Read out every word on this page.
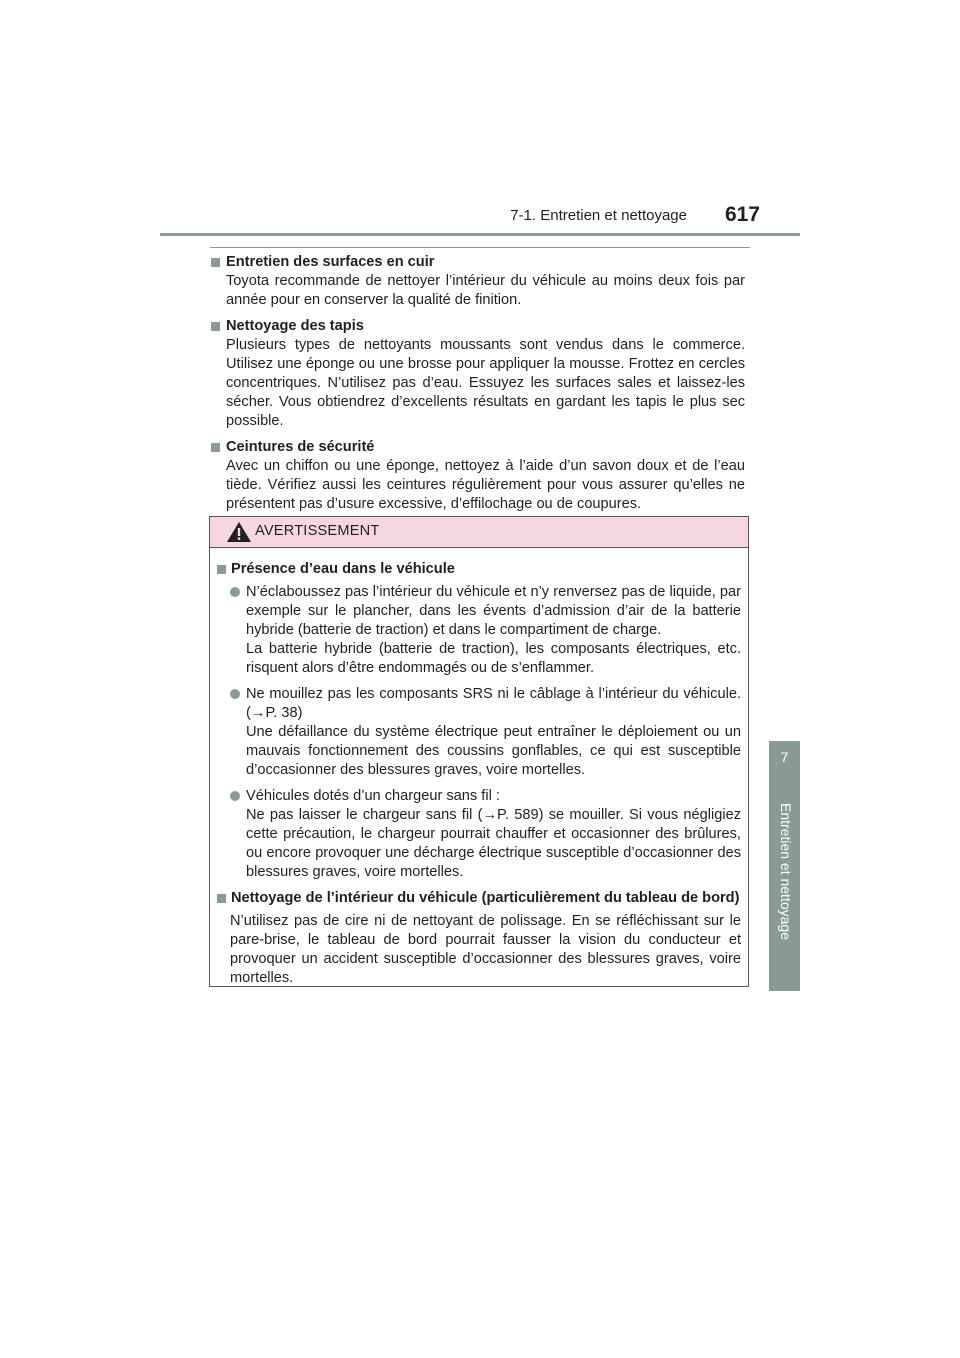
7-1. Entretien et nettoyage 617
7
Entretien et nettoyage
Entretien des surfaces en cuir
Toyota recommande de nettoyer l’intérieur du véhicule au moins deux fois par année pour en conserver la qualité de finition.
Nettoyage des tapis
Plusieurs types de nettoyants moussants sont vendus dans le commerce. Utilisez une éponge ou une brosse pour appliquer la mousse. Frottez en cercles concentriques. N’utilisez pas d’eau. Essuyez les surfaces sales et laissez-les sécher. Vous obtiendrez d’excellents résultats en gardant les tapis le plus sec possible.
Ceintures de sécurité
Avec un chiffon ou une éponge, nettoyez à l’aide d’un savon doux et de l’eau tiède. Vérifiez aussi les ceintures régulièrement pour vous assurer qu’elles ne présentent pas d’usure excessive, d’effilochage ou de coupures.
AVERTISSEMENT
Présence d’eau dans le véhicule
N’éclaboussez pas l’intérieur du véhicule et n’y renversez pas de liquide, par exemple sur le plancher, dans les évents d’admission d’air de la batterie hybride (batterie de traction) et dans le compartiment de charge.
La batterie hybride (batterie de traction), les composants électriques, etc. risquent alors d’être endommagés ou de s’enflammer.
Ne mouillez pas les composants SRS ni le câblage à l’intérieur du véhicule. (→P. 38)
Une défaillance du système électrique peut entraîner le déploiement ou un mauvais fonctionnement des coussins gonflables, ce qui est susceptible d’occasionner des blessures graves, voire mortelles.
Véhicules dotés d’un chargeur sans fil :
Ne pas laisser le chargeur sans fil (→P. 589) se mouiller. Si vous négligiez cette précaution, le chargeur pourrait chauffer et occasionner des brûlures, ou encore provoquer une décharge électrique susceptible d’occasionner des blessures graves, voire mortelles.
Nettoyage de l’intérieur du véhicule (particulièrement du tableau de bord)
N’utilisez pas de cire ni de nettoyant de polissage. En se réfléchissant sur le pare-brise, le tableau de bord pourrait fausser la vision du conducteur et provoquer un accident susceptible d’occasionner des blessures graves, voire mortelles.
